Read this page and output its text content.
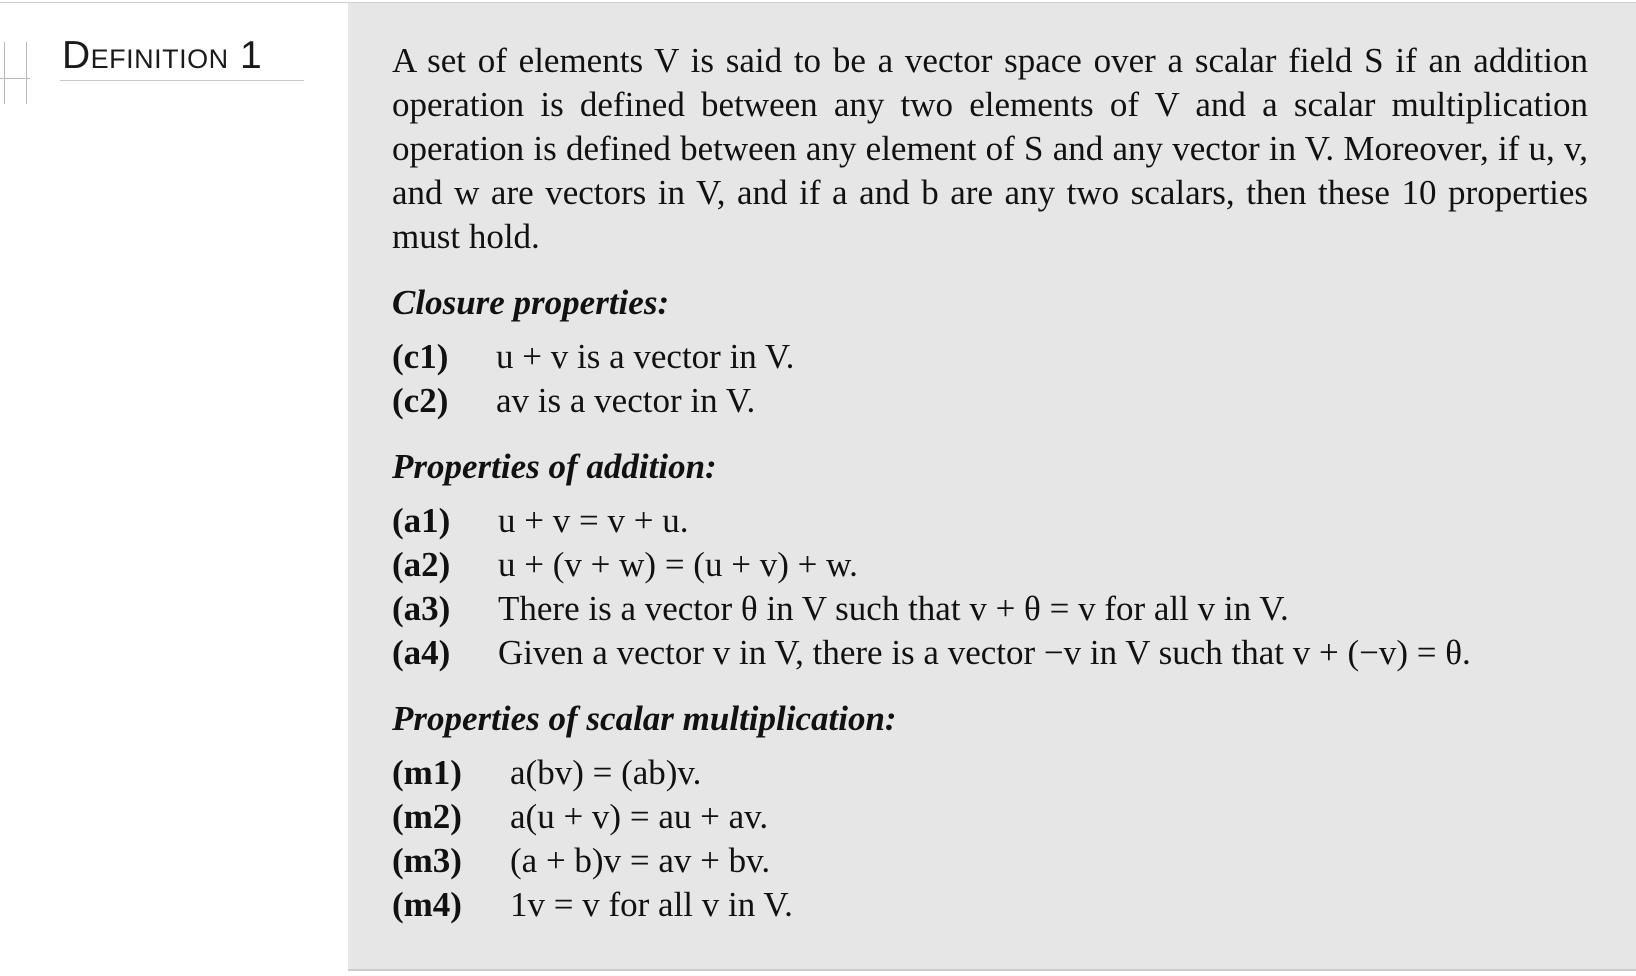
Definition 1	A set of elements V is said to be a vector space over a scalar field S if an addition operation is defined between any two elements of V and a scalar multiplication operation is defined between any element of S and any vector in V. Moreover, if u, v, and w are vectors in V, and if a and b are any two scalars, then these 10 properties must hold.

Closure properties:
(c1)	u + v is a vector in V.
(c2)	av is a vector in V.
Properties of addition:
(a1)	u + v = v + u.
(a2)	u + (v + w) = (u + v) + w.
(a3)	There is a vector θ in V such that v + θ = v for all v in V.
(a4)	Given a vector v in V, there is a vector −v in V such that v + (−v) = θ.
Properties of scalar multiplication:
(m1)	a(bv) = (ab)v.
(m2)	a(u + v) = au + av.
(m3)	(a + b)v = av + bv.
(m4)	1v = v for all v in V.
